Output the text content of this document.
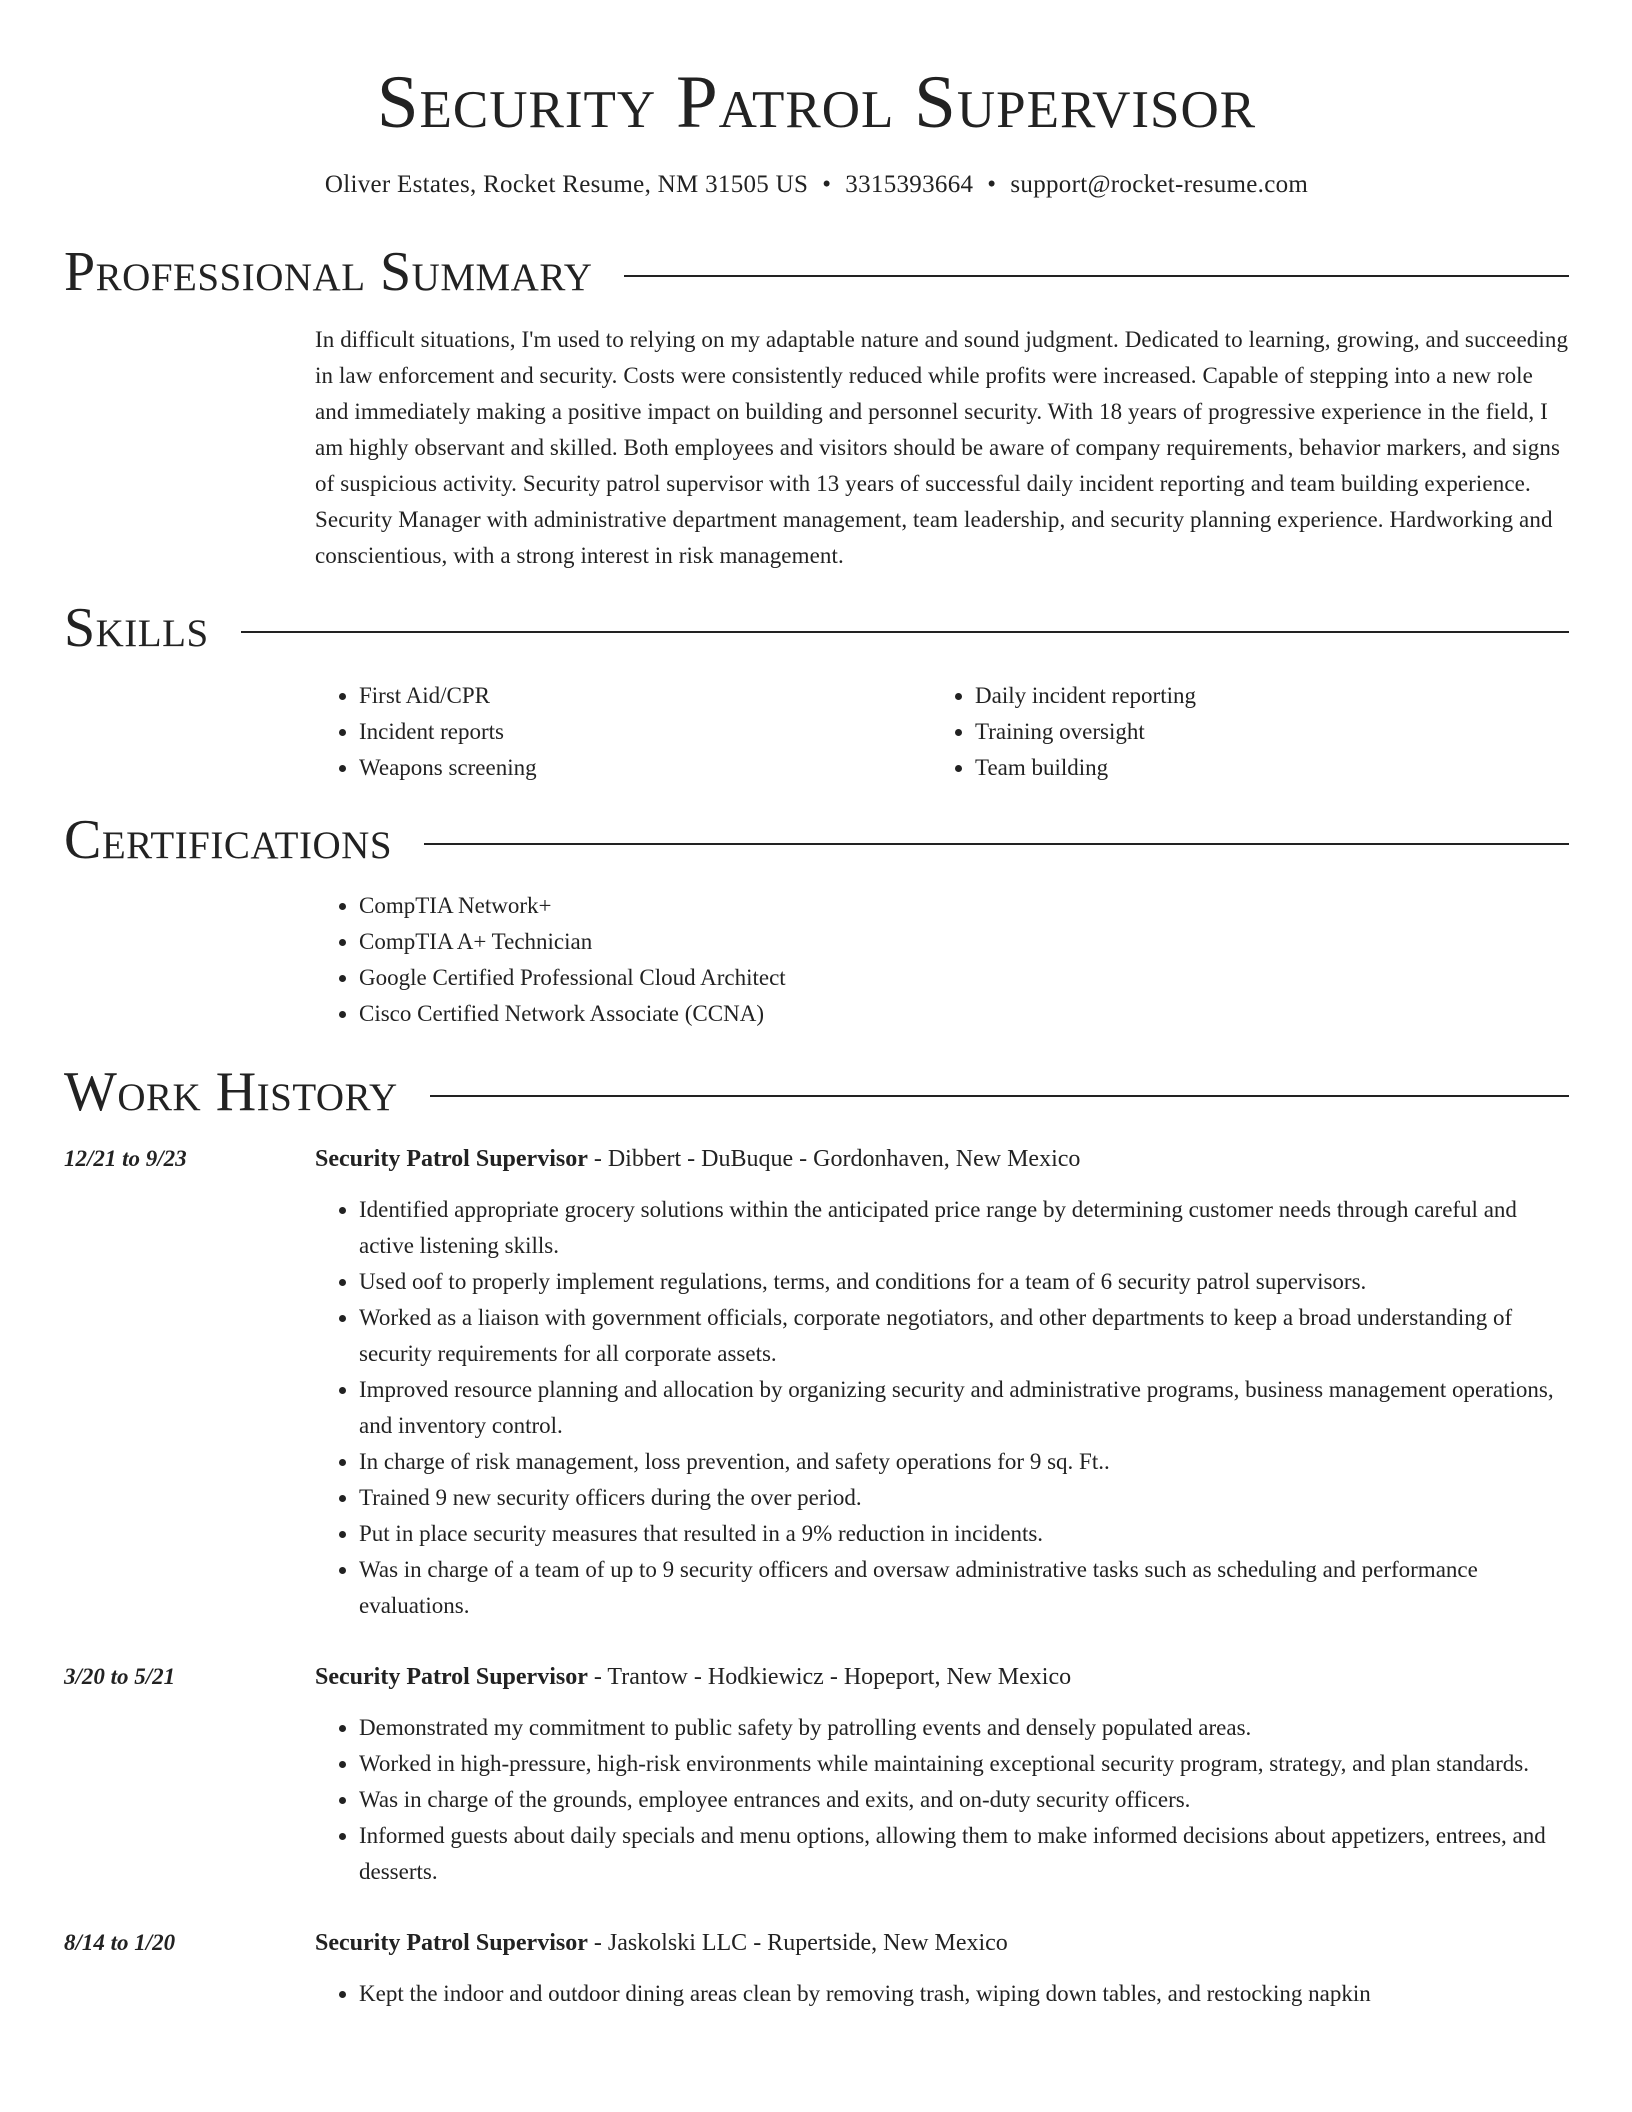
Security Patrol Supervisor
Oliver Estates, Rocket Resume, NM 31505 US • 3315393664 • support@rocket-resume.com
Professional Summary
In difficult situations, I'm used to relying on my adaptable nature and sound judgment. Dedicated to learning, growing, and succeeding in law enforcement and security. Costs were consistently reduced while profits were increased. Capable of stepping into a new role and immediately making a positive impact on building and personnel security. With 18 years of progressive experience in the field, I am highly observant and skilled. Both employees and visitors should be aware of company requirements, behavior markers, and signs of suspicious activity. Security patrol supervisor with 13 years of successful daily incident reporting and team building experience. Security Manager with administrative department management, team leadership, and security planning experience. Hardworking and conscientious, with a strong interest in risk management.
Skills
• First Aid/CPR
• Incident reports
• Weapons screening
• Daily incident reporting
• Training oversight
• Team building
Certifications
• CompTIA Network+
• CompTIA A+ Technician
• Google Certified Professional Cloud Architect
• Cisco Certified Network Associate (CCNA)
Work History
12/21 to 9/23	Security Patrol Supervisor - Dibbert - DuBuque - Gordonhaven, New Mexico
• Identified appropriate grocery solutions within the anticipated price range by determining customer needs through careful and active listening skills.
• Used oof to properly implement regulations, terms, and conditions for a team of 6 security patrol supervisors.
• Worked as a liaison with government officials, corporate negotiators, and other departments to keep a broad understanding of security requirements for all corporate assets.
• Improved resource planning and allocation by organizing security and administrative programs, business management operations, and inventory control.
• In charge of risk management, loss prevention, and safety operations for 9 sq. Ft..
• Trained 9 new security officers during the over period.
• Put in place security measures that resulted in a 9% reduction in incidents.
• Was in charge of a team of up to 9 security officers and oversaw administrative tasks such as scheduling and performance evaluations.
3/20 to 5/21	Security Patrol Supervisor - Trantow - Hodkiewicz - Hopeport, New Mexico
• Demonstrated my commitment to public safety by patrolling events and densely populated areas.
• Worked in high-pressure, high-risk environments while maintaining exceptional security program, strategy, and plan standards.
• Was in charge of the grounds, employee entrances and exits, and on-duty security officers.
• Informed guests about daily specials and menu options, allowing them to make informed decisions about appetizers, entrees, and desserts.
8/14 to 1/20	Security Patrol Supervisor - Jaskolski LLC - Rupertside, New Mexico
• Kept the indoor and outdoor dining areas clean by removing trash, wiping down tables, and restocking napkin
